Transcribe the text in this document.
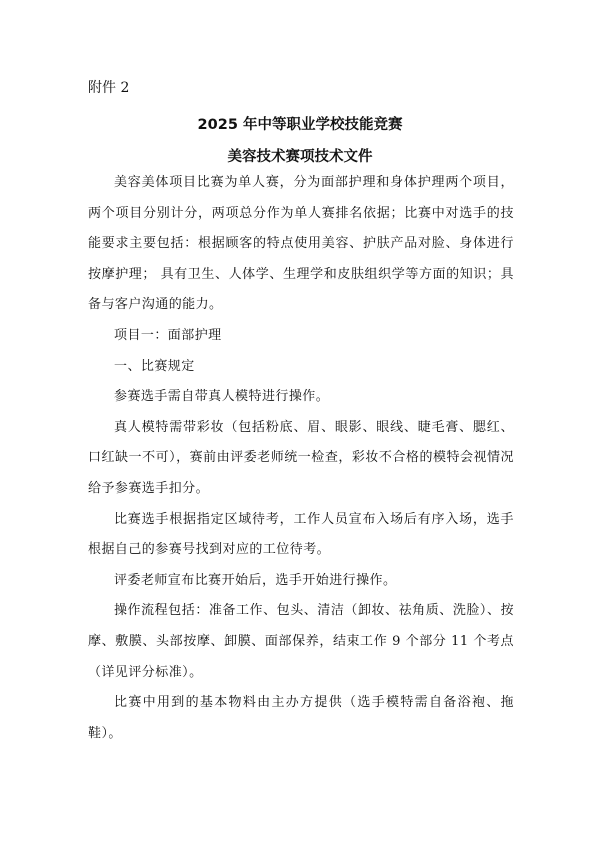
附件 2

2025 年中等职业学校技能竞赛
美容技术赛项技术文件

美容美体项目比赛为单人赛，分为面部护理和身体护理两个项目，两个项目分别计分，两项总分作为单人赛排名依据；比赛中对选手的技能要求主要包括：根据顾客的特点使用美容、护肤产品对脸、身体进行按摩护理； 具有卫生、人体学、生理学和皮肤组织学等方面的知识；具备与客户沟通的能力。

项目一：面部护理

一、比赛规定

参赛选手需自带真人模特进行操作。

真人模特需带彩妆（包括粉底、眉、眼影、眼线、睫毛膏、腮红、口红缺一不可），赛前由评委老师统一检查，彩妆不合格的模特会视情况给予参赛选手扣分。

比赛选手根据指定区域待考，工作人员宣布入场后有序入场，选手根据自己的参赛号找到对应的工位待考。

评委老师宣布比赛开始后，选手开始进行操作。

操作流程包括：准备工作、包头、清洁（卸妆、祛角质、洗脸）、按摩、敷膜、头部按摩、卸膜、面部保养，结束工作 9 个部分 11 个考点（详见评分标准）。

比赛中用到的基本物料由主办方提供（选手模特需自备浴袍、拖鞋）。
